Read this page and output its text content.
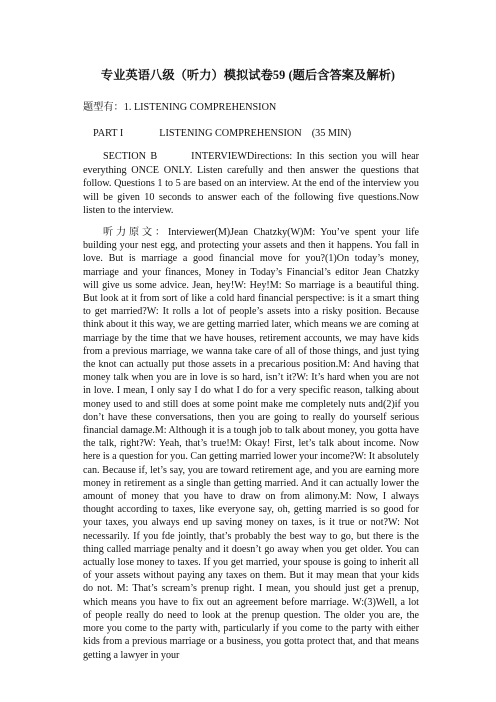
专业英语八级（听力）模拟试卷59 (题后含答案及解析)
题型有：1. LISTENING COMPREHENSION
PART I	LISTENING COMPREHENSION　(35 MIN)

SECTION B	INTERVIEWDirections: In this section you will hear everything ONCE ONLY. Listen carefully and then answer the questions that follow. Questions 1 to 5 are based on an interview. At the end of the interview you will be given 10 seconds to answer each of the following five questions.Now listen to the interview.

听力原文：Interviewer(M)Jean Chatzky(W)M: You’ve spent your life building your nest egg, and protecting your assets and then it happens. You fall in love. But is marriage a good financial move for you?(1)On today’s money, marriage and your finances, Money in Today’s Financial’s editor Jean Chatzky will give us some advice. Jean, hey!W: Hey!M: So marriage is a beautiful thing. But look at it from sort of like a cold hard financial perspective: is it a smart thing to get married?W: It rolls a lot of people’s assets into a risky position. Because think about it this way, we are getting married later, which means we are coming at marriage by the time that we have houses, retirement accounts, we may have kids from a previous marriage, we wanna take care of all of those things, and just tying the knot can actually put those assets in a precarious position.M: And having that money talk when you are in love is so hard, isn’t it?W: It’s hard when you are not in love. I mean, I only say I do what I do for a very specific reason, talking about money used to and still does at some point make me completely nuts and(2)if you don’t have these conversations, then you are going to really do yourself serious financial damage.M: Although it is a tough job to talk about money, you gotta have the talk, right?W: Yeah, that’s true!M: Okay! First, let’s talk about income. Now here is a question for you. Can getting married lower your income?W: It absolutely can. Because if, let’s say, you are toward retirement age, and you are earning more money in retirement as a single than getting married. And it can actually lower the amount of money that you have to draw on from alimony.M: Now, I always thought according to taxes, like everyone say, oh, getting married is so good for your taxes, you always end up saving money on taxes, is it true or not?W: Not necessarily. If you fde jointly, that’s probably the best way to go, but there is the thing called marriage penalty and it doesn’t go away when you get older. You can actually lose money to taxes. If you get married, your spouse is going to inherit all of your assets without paying any taxes on them. But it may mean that your kids do not. M: That’s scream’s prenup right. I mean, you should just get a prenup, which means you have to fix out an agreement before marriage. W:(3)Well, a lot of people really do need to look at the prenup question. The older you are, the more you come to the party with, particularly if you come to the party with either kids from a previous marriage or a business, you gotta protect that, and that means getting a lawyer in your
